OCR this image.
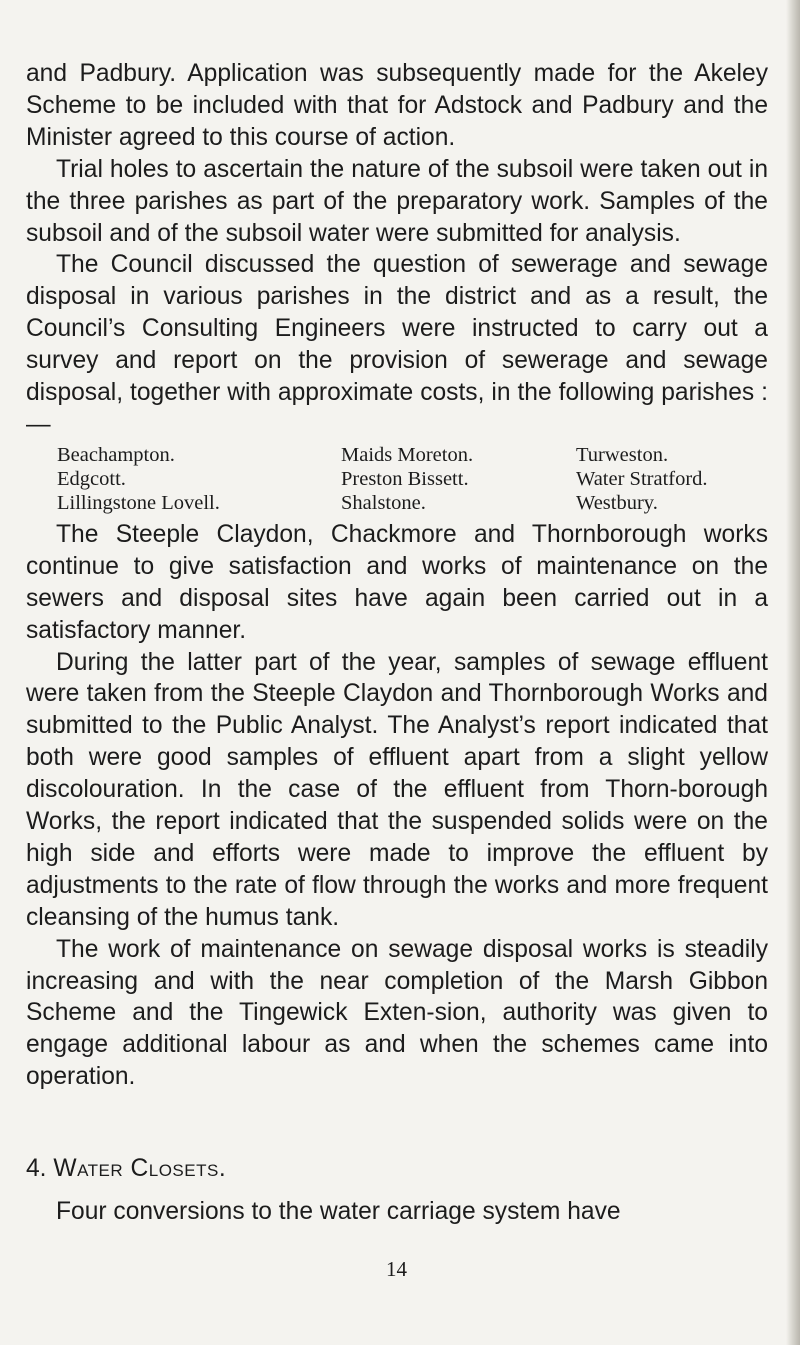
and Padbury. Application was subsequently made for the Akeley Scheme to be included with that for Adstock and Padbury and the Minister agreed to this course of action.

Trial holes to ascertain the nature of the subsoil were taken out in the three parishes as part of the preparatory work. Samples of the subsoil and of the subsoil water were submitted for analysis.

The Council discussed the question of sewerage and sewage disposal in various parishes in the district and as a result, the Council’s Consulting Engineers were instructed to carry out a survey and report on the provision of sewerage and sewage disposal, together with approximate costs, in the following parishes :—

Beachampton.	Maids Moreton.	Turweston.
Edgcott.	Preston Bissett.	Water Stratford.
Lillingstone Lovell.	Shalstone.	Westbury.

The Steeple Claydon, Chackmore and Thornborough works continue to give satisfaction and works of maintenance on the sewers and disposal sites have again been carried out in a satisfactory manner.

During the latter part of the year, samples of sewage effluent were taken from the Steeple Claydon and Thornborough Works and submitted to the Public Analyst. The Analyst’s report indicated that both were good samples of effluent apart from a slight yellow discolouration. In the case of the effluent from Thorn-borough Works, the report indicated that the suspended solids were on the high side and efforts were made to improve the effluent by adjustments to the rate of flow through the works and more frequent cleansing of the humus tank.

The work of maintenance on sewage disposal works is steadily increasing and with the near completion of the Marsh Gibbon Scheme and the Tingewick Exten-sion, authority was given to engage additional labour as and when the schemes came into operation.

4. Water Closets.

Four conversions to the water carriage system have

14
